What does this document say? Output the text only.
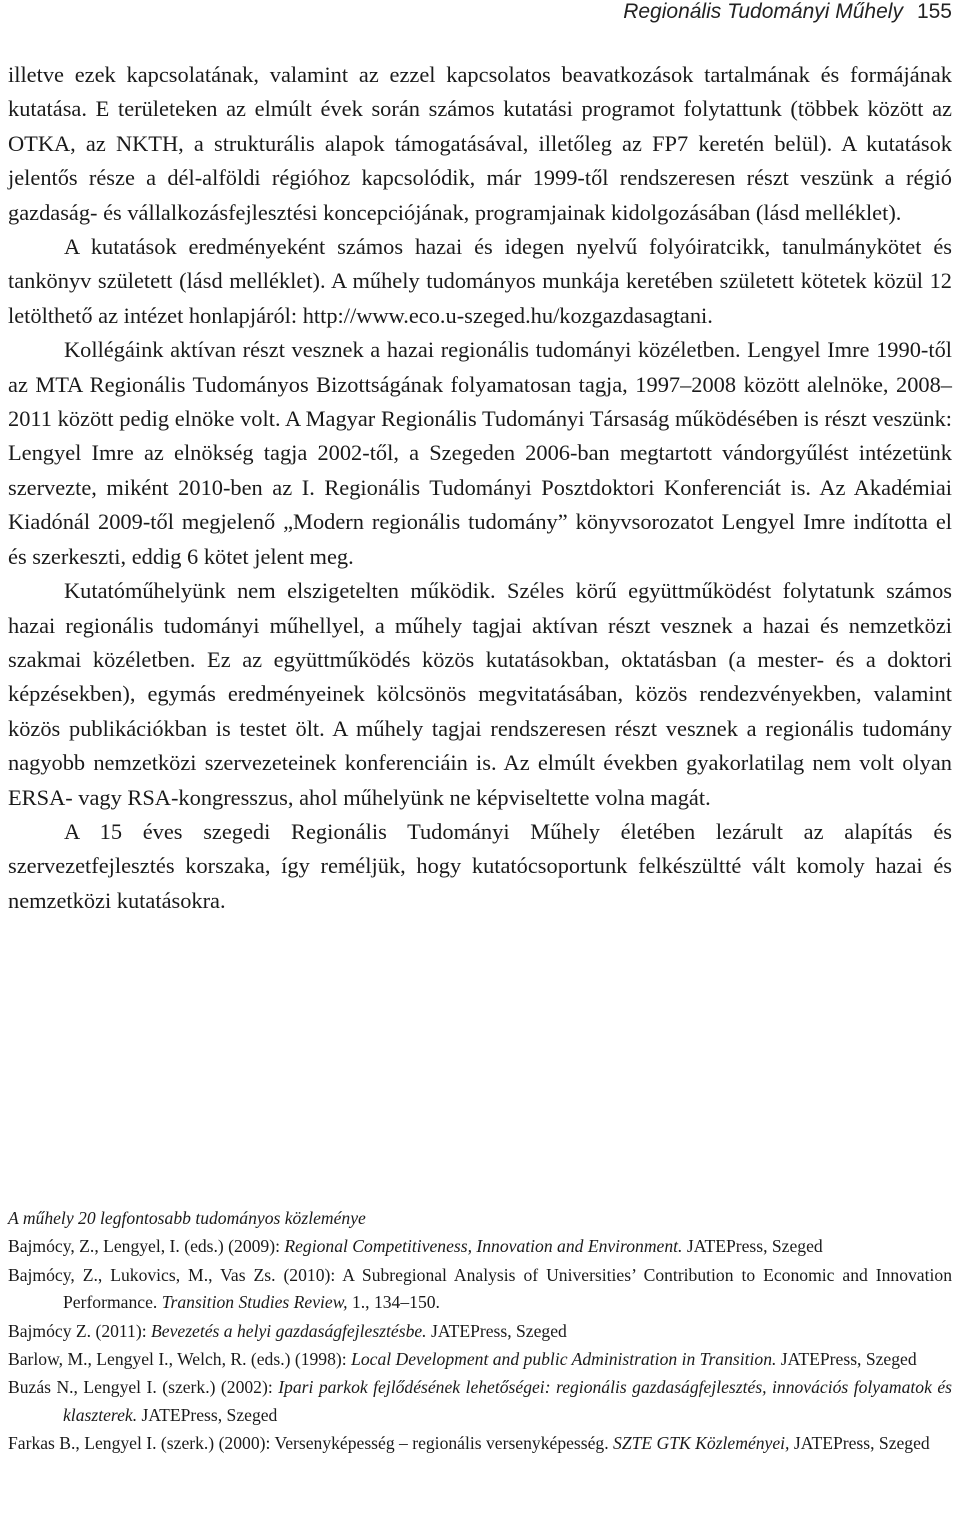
Regionális Tudományi Műhely 155

illetve ezek kapcsolatának, valamint az ezzel kapcsolatos beavatkozások tartalmának és formájának kutatása. E területeken az elmúlt évek során számos kutatási programot folytattunk (többek között az OTKA, az NKTH, a strukturális alapok támogatásával, illetőleg az FP7 keretén belül). A kutatások jelentős része a dél-alföldi régióhoz kapcsolódik, már 1999-től rendszeresen részt veszünk a régió gazdaság- és vállalkozásfejlesztési koncepciójának, programjainak kidolgozásában (lásd melléklet).

A kutatások eredményeként számos hazai és idegen nyelvű folyóiratcikk, tanulmánykötet és tankönyv született (lásd melléklet). A műhely tudományos munkája keretében született kötetek közül 12 letölthető az intézet honlapjáról: http://www.eco.u-szeged.hu/kozgazdasagtani.

Kollégáink aktívan részt vesznek a hazai regionális tudományi közéletben. Lengyel Imre 1990-től az MTA Regionális Tudományos Bizottságának folyamatosan tagja, 1997–2008 között alelnöke, 2008–2011 között pedig elnöke volt. A Magyar Regionális Tudományi Társaság működésében is részt veszünk: Lengyel Imre az elnökség tagja 2002-től, a Szegeden 2006-ban megtartott vándorgyűlést intézetünk szervezte, miként 2010-ben az I. Regionális Tudományi Posztdoktori Konferenciát is. Az Akadémiai Kiadónál 2009-től megjelenő „Modern regionális tudomány” könyvsorozatot Lengyel Imre indította el és szerkeszti, eddig 6 kötet jelent meg.

Kutatóműhelyünk nem elszigetelten működik. Széles körű együttműködést folytatunk számos hazai regionális tudományi műhellyel, a műhely tagjai aktívan részt vesznek a hazai és nemzetközi szakmai közéletben. Ez az együttműködés közös kutatásokban, oktatásban (a mester- és a doktori képzésekben), egymás eredményeinek kölcsönös megvitatásában, közös rendezvényekben, valamint közös publikációkban is testet ölt. A műhely tagjai rendszeresen részt vesznek a regionális tudomány nagyobb nemzetközi szervezeteinek konferenciáin is. Az elmúlt években gyakorlatilag nem volt olyan ERSA- vagy RSA-kongresszus, ahol műhelyünk ne képviseltette volna magát.

A 15 éves szegedi Regionális Tudományi Műhely életében lezárult az alapítás és szervezetfejlesztés korszaka, így reméljük, hogy kutatócsoportunk felkészültté vált komoly hazai és nemzetközi kutatásokra.

A műhely 20 legfontosabb tudományos közleménye

Bajmócy, Z., Lengyel, I. (eds.) (2009): Regional Competitiveness, Innovation and Environment. JATEPress, Szeged

Bajmócy, Z., Lukovics, M., Vas Zs. (2010): A Subregional Analysis of Universities’ Contribution to Economic and Innovation Performance. Transition Studies Review, 1., 134–150.

Bajmócy Z. (2011): Bevezetés a helyi gazdaságfejlesztésbe. JATEPress, Szeged

Barlow, M., Lengyel I., Welch, R. (eds.) (1998): Local Development and public Administration in Transition. JATEPress, Szeged

Buzás N., Lengyel I. (szerk.) (2002): Ipari parkok fejlődésének lehetőségei: regionális gazdaságfejlesztés, innovációs folyamatok és klaszterek. JATEPress, Szeged

Farkas B., Lengyel I. (szerk.) (2000): Versenyképesség – regionális versenyképesség. SZTE GTK Közleményei, JATEPress, Szeged
